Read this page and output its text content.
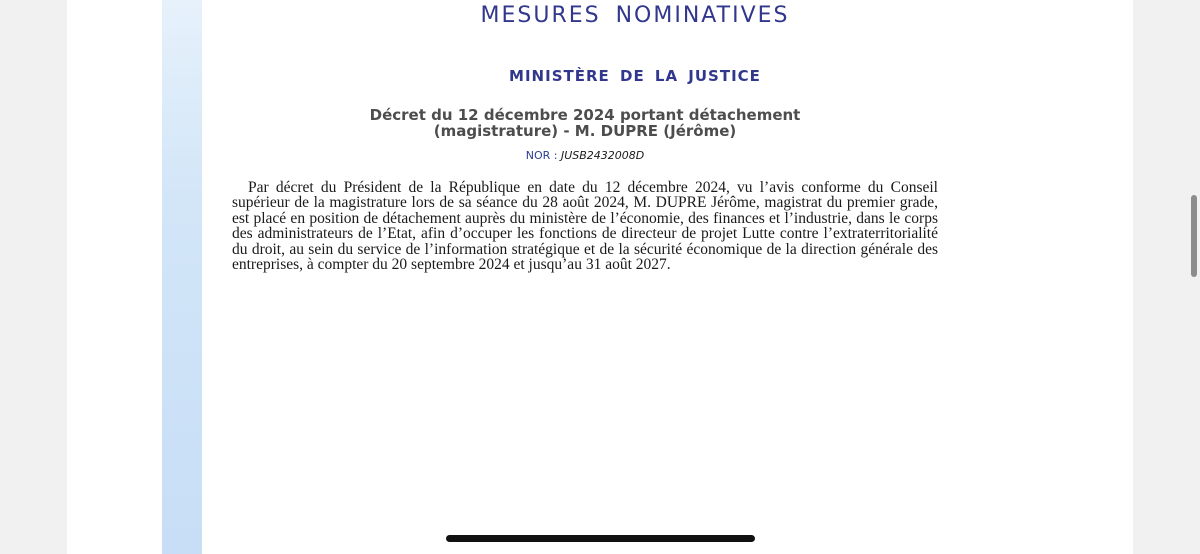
MESURES NOMINATIVES
MINISTÈRE DE LA JUSTICE
Décret du 12 décembre 2024 portant détachement
(magistrature) - M. DUPRE (Jérôme)
NOR : JUSB2432008D

Par décret du Président de la République en date du 12 décembre 2024, vu l’avis conforme du Conseil supérieur de la magistrature lors de sa séance du 28 août 2024, M. DUPRE Jérôme, magistrat du premier grade, est placé en position de détachement auprès du ministère de l’économie, des finances et l’industrie, dans le corps des administrateurs de l’Etat, afin d’occuper les fonctions de directeur de projet Lutte contre l’extraterritorialité du droit, au sein du service de l’information stratégique et de la sécurité économique de la direction générale des entreprises, à compter du 20 septembre 2024 et jusqu’au 31 août 2027.
